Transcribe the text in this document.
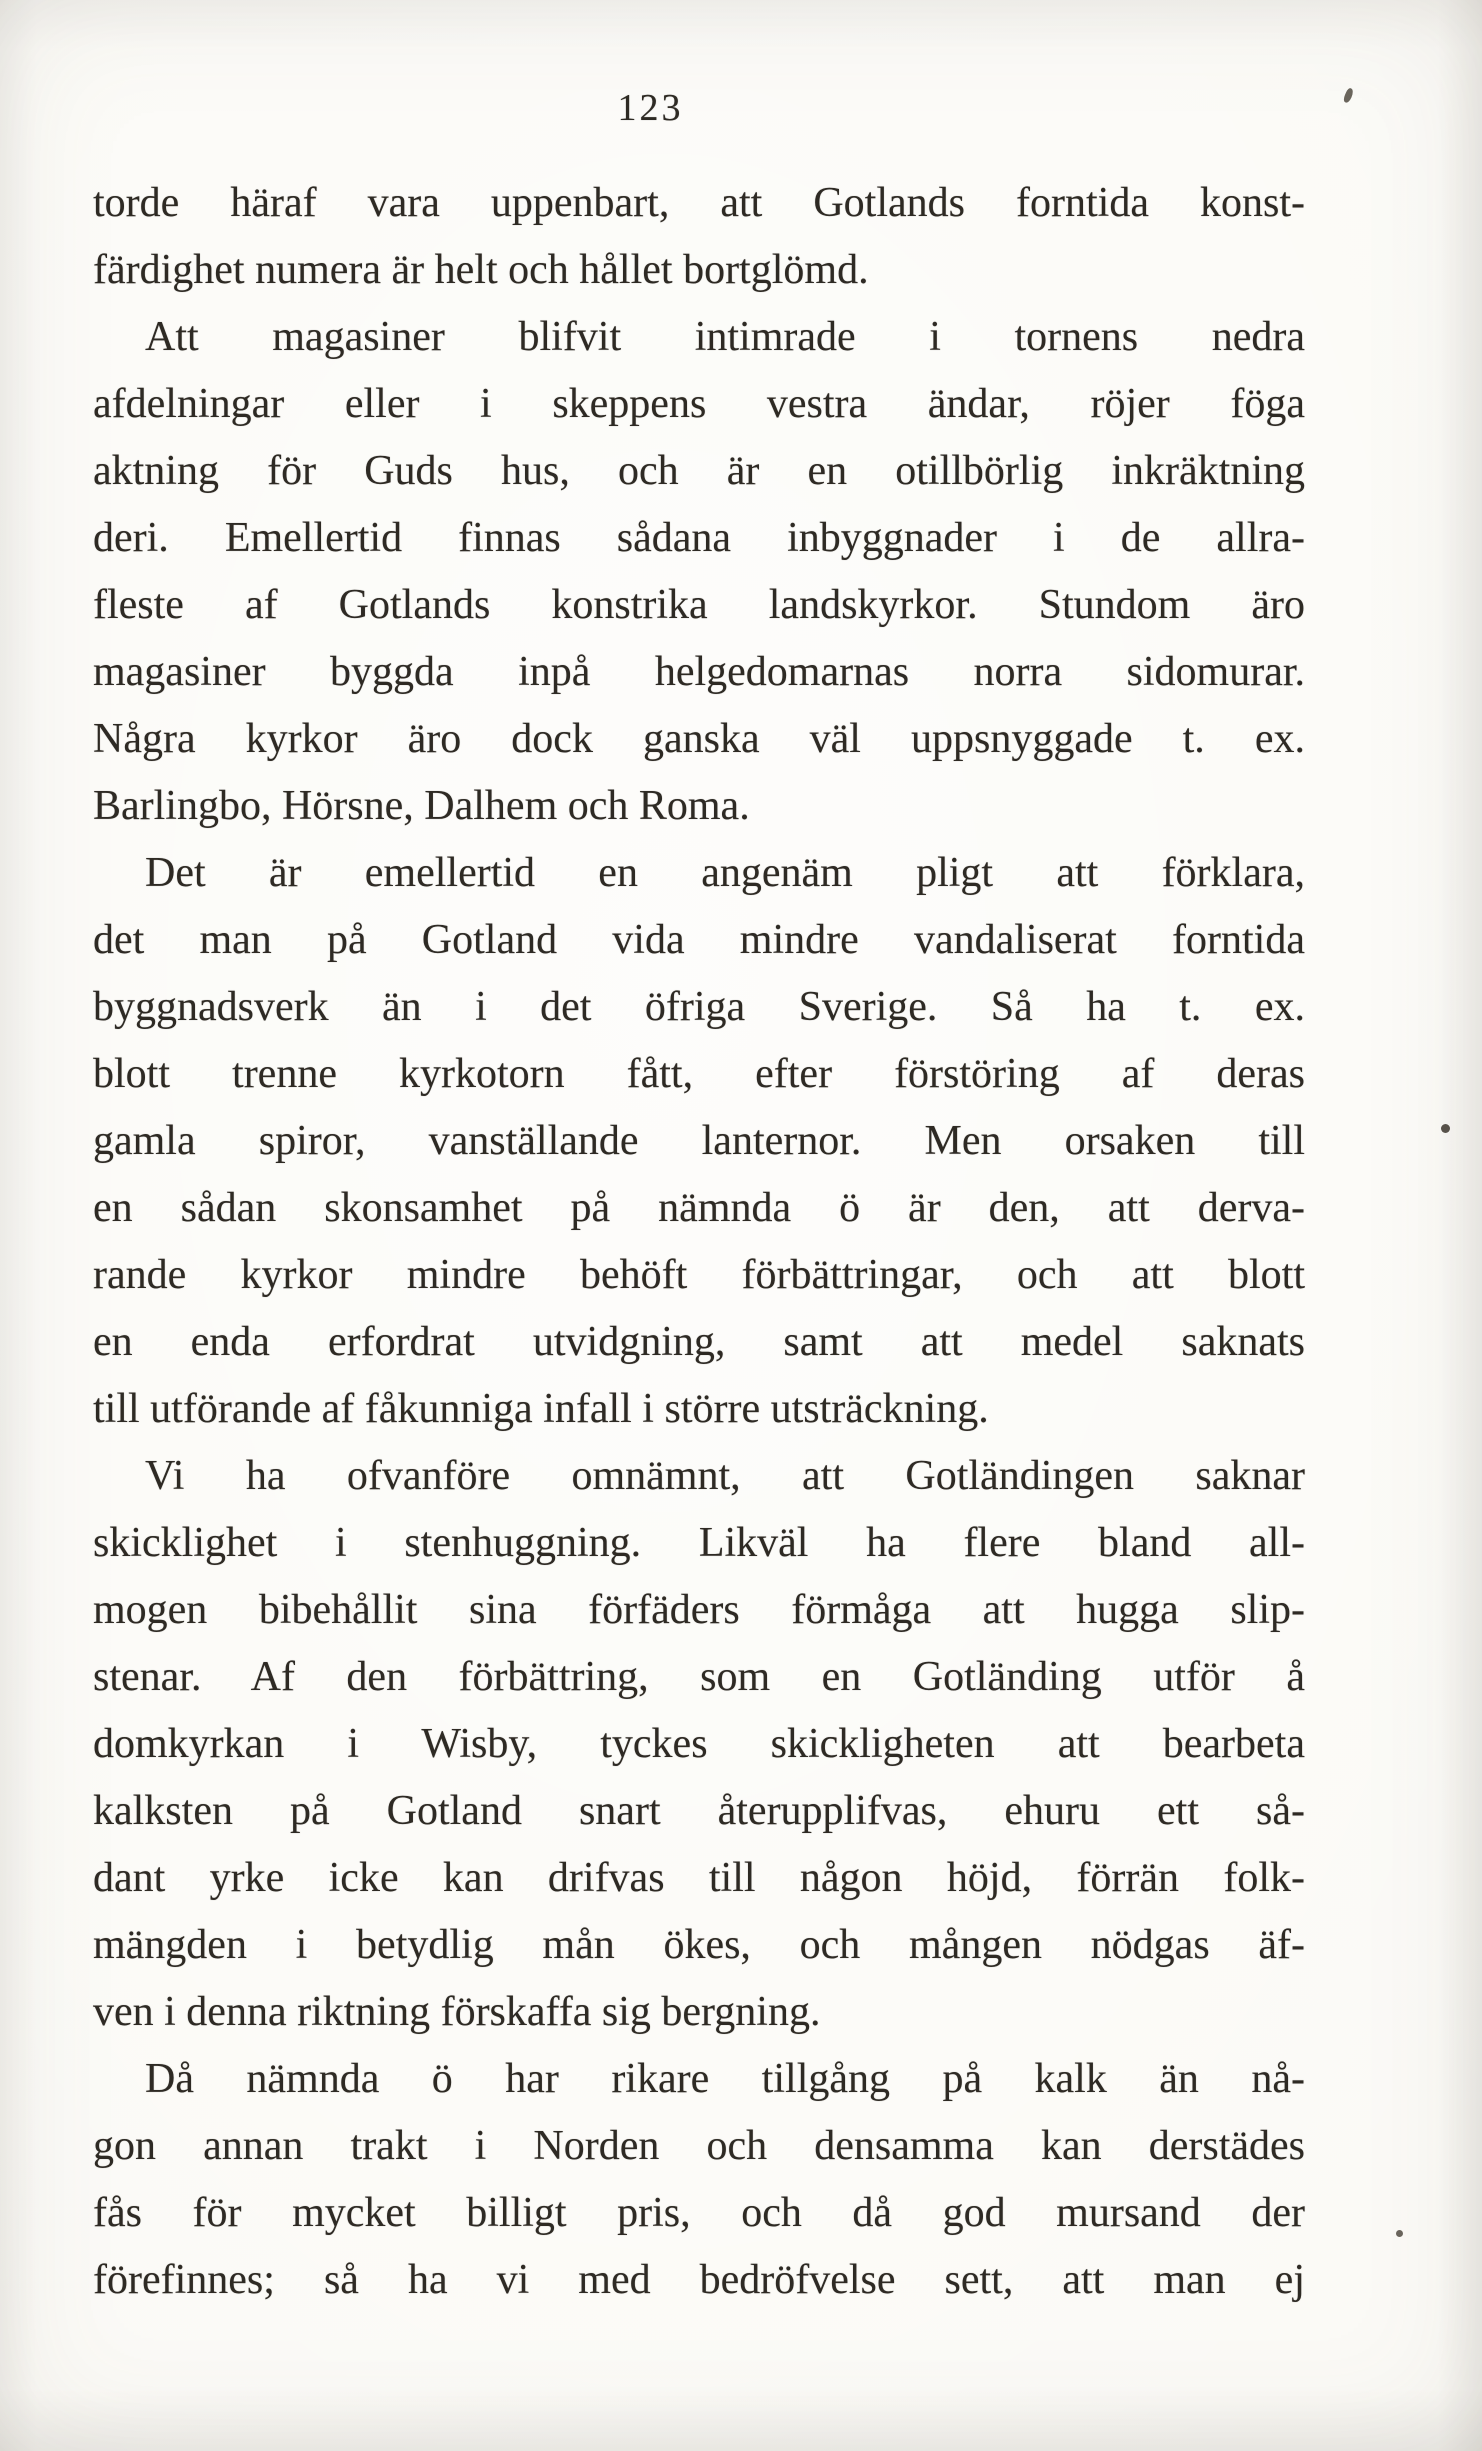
123
torde häraf vara uppenbart, att Gotlands forntida konst-
färdighet numera är helt och hållet bortglömd.
Att magasiner blifvit intimrade i tornens nedra
afdelningar eller i skeppens vestra ändar, röjer föga
aktning för Guds hus, och är en otillbörlig inkräktning
deri. Emellertid finnas sådana inbyggnader i de allra-
fleste af Gotlands konstrika landskyrkor. Stundom äro
magasiner byggda inpå helgedomarnas norra sidomurar.
Några kyrkor äro dock ganska väl uppsnyggade t. ex.
Barlingbo, Hörsne, Dalhem och Roma.
Det är emellertid en angenäm pligt att förklara,
det man på Gotland vida mindre vandaliserat forntida
byggnadsverk än i det öfriga Sverige. Så ha t. ex.
blott trenne kyrkotorn fått, efter förstöring af deras
gamla spiror, vanställande lanternor. Men orsaken till
en sådan skonsamhet på nämnda ö är den, att derva-
rande kyrkor mindre behöft förbättringar, och att blott
en enda erfordrat utvidgning, samt att medel saknats
till utförande af fåkunniga infall i större utsträckning.
Vi ha ofvanföre omnämnt, att Gotländingen saknar
skicklighet i stenhuggning. Likväl ha flere bland all-
mogen bibehållit sina förfäders förmåga att hugga slip-
stenar. Af den förbättring, som en Gotländing utför å
domkyrkan i Wisby, tyckes skickligheten att bearbeta
kalksten på Gotland snart återupplifvas, ehuru ett så-
dant yrke icke kan drifvas till någon höjd, förrän folk-
mängden i betydlig mån ökes, och mången nödgas äf-
ven i denna riktning förskaffa sig bergning.
Då nämnda ö har rikare tillgång på kalk än nå-
gon annan trakt i Norden och densamma kan derstädes
fås för mycket billigt pris, och då god mursand der
förefinnes; så ha vi med bedröfvelse sett, att man ej
